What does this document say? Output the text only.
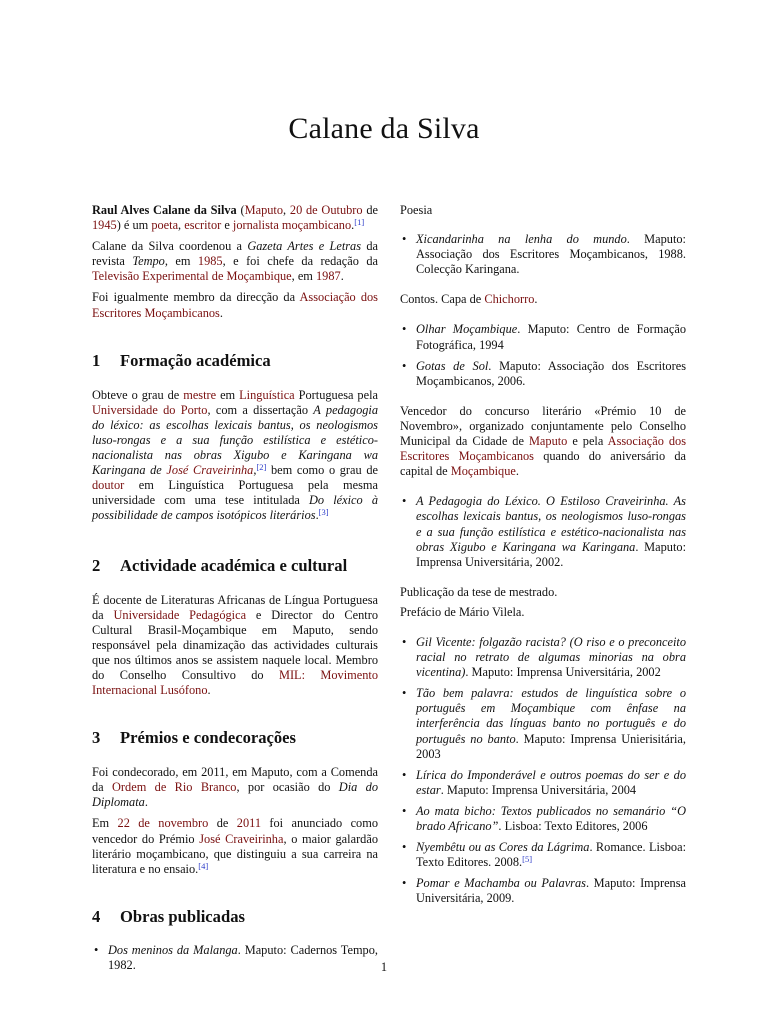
Calane da Silva

Raul Alves Calane da Silva (Maputo, 20 de Outubro de 1945) é um poeta, escritor e jornalista moçambicano.[1]

Calane da Silva coordenou a Gazeta Artes e Letras da revista Tempo, em 1985, e foi chefe da redação da Televisão Experimental de Moçambique, em 1987.

Foi igualmente membro da direcção da Associação dos Escritores Moçambicanos.

1 Formação académica

Obteve o grau de mestre em Linguística Portuguesa pela Universidade do Porto, com a dissertação A pedagogia do léxico: as escolhas lexicais bantus, os neologismos luso-rongas e a sua função estilística e estético-nacionalista nas obras Xigubo e Karingana wa Karingana de José Craveirinha,[2] bem como o grau de doutor em Linguística Portuguesa pela mesma universidade com uma tese intitulada Do léxico à possibilidade de campos isotópicos literários.[3]

2 Actividade académica e cultural

É docente de Literaturas Africanas de Língua Portuguesa da Universidade Pedagógica e Director do Centro Cultural Brasil-Moçambique em Maputo, sendo responsável pela dinamização das actividades culturais que nos últimos anos se assistem naquele local. Membro do Conselho Consultivo do MIL: Movimento Internacional Lusófono.

3 Prémios e condecorações

Foi condecorado, em 2011, em Maputo, com a Comenda da Ordem de Rio Branco, por ocasião do Dia do Diplomata.

Em 22 de novembro de 2011 foi anunciado como vencedor do Prémio José Craveirinha, o maior galardão literário moçambicano, que distinguiu a sua carreira na literatura e no ensaio.[4]

4 Obras publicadas
• Dos meninos da Malanga. Maputo: Cadernos Tempo, 1982.

Poesia

• Xicandarinha na lenha do mundo. Maputo: Associação dos Escritores Moçambicanos, 1988. Colecção Karingana.

Contos. Capa de Chichorro.

• Olhar Moçambique. Maputo: Centro de Formação Fotográfica, 1994
• Gotas de Sol. Maputo: Associação dos Escritores Moçambicanos, 2006.

Vencedor do concurso literário «Prémio 10 de Novembro», organizado conjuntamente pelo Conselho Municipal da Cidade de Maputo e pela Associação dos Escritores Moçambicanos quando do aniversário da capital de Moçambique.

• A Pedagogia do Léxico. O Estiloso Craveirinha. As escolhas lexicais bantus, os neologismos luso-rongas e a sua função estilística e estético-nacionalista nas obras Xigubo e Karingana wa Karingana. Maputo: Imprensa Universitária, 2002.

Publicação da tese de mestrado.

Prefácio de Mário Vilela.

• Gil Vicente: folgazão racista? (O riso e o preconceito racial no retrato de algumas minorias na obra vicentina). Maputo: Imprensa Universitária, 2002
• Tão bem palavra: estudos de linguística sobre o português em Moçambique com ênfase na interferência das línguas banto no português e do português no banto. Maputo: Imprensa Unierisitária, 2003
• Lírica do Imponderável e outros poemas do ser e do estar. Maputo: Imprensa Universitária, 2004
• Ao mata bicho: Textos publicados no semanário “O brado Africano”. Lisboa: Texto Editores, 2006
• Nyembêtu ou as Cores da Lágrima. Romance. Lisboa: Texto Editores. 2008.[5]
• Pomar e Machamba ou Palavras. Maputo: Imprensa Universitária, 2009.
1
